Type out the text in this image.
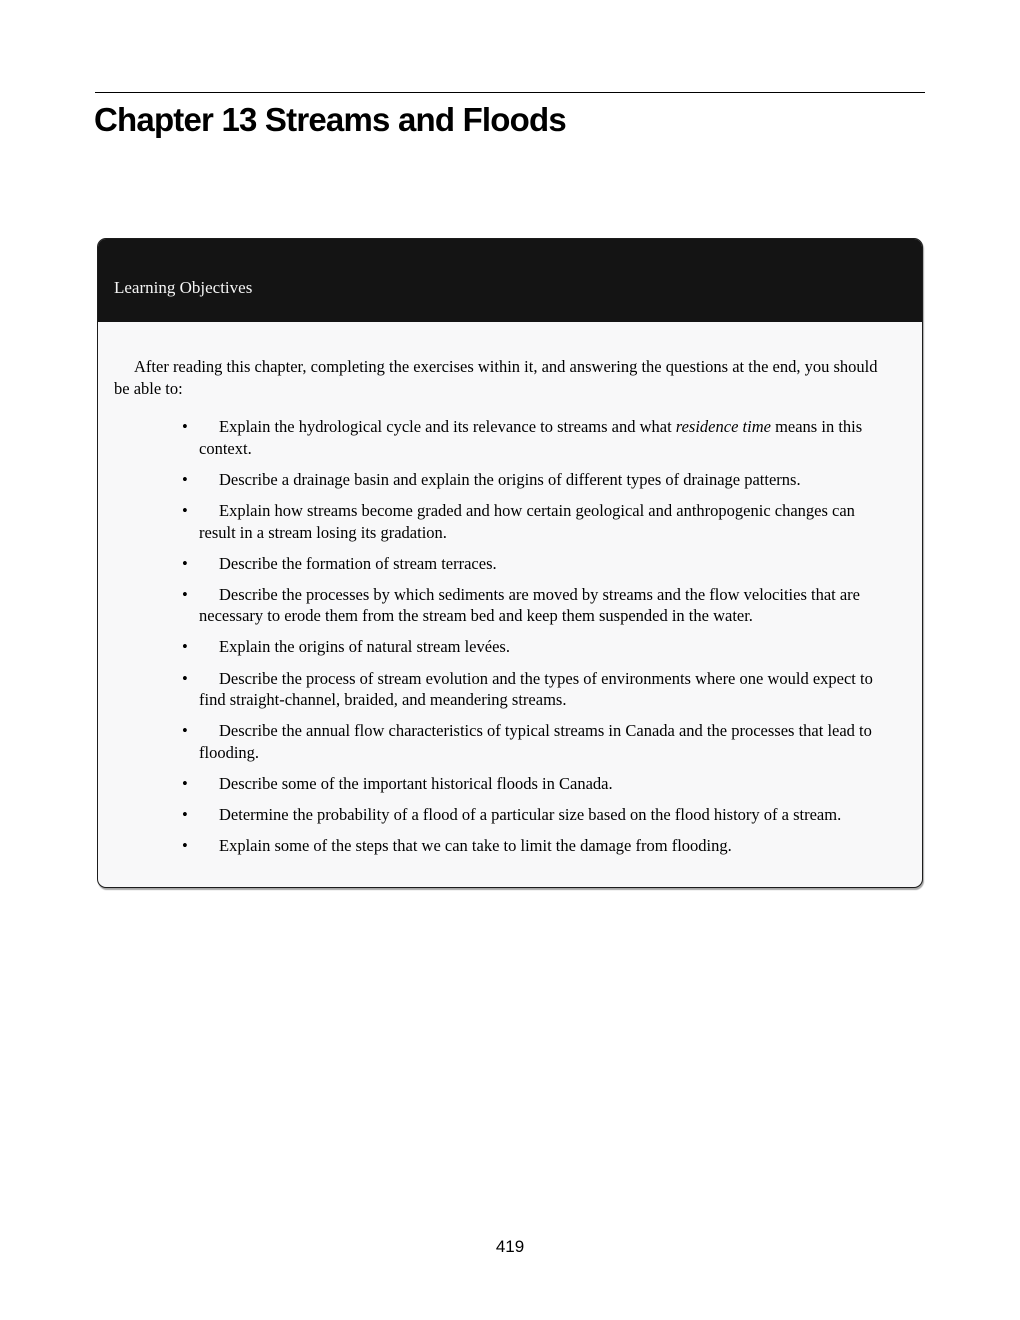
Chapter 13 Streams and Floods
Learning Objectives

After reading this chapter, completing the exercises within it, and answering the questions at the end, you should be able to:

• Explain the hydrological cycle and its relevance to streams and what residence time means in this context.
• Describe a drainage basin and explain the origins of different types of drainage patterns.
• Explain how streams become graded and how certain geological and anthropogenic changes can result in a stream losing its gradation.
• Describe the formation of stream terraces.
• Describe the processes by which sediments are moved by streams and the flow velocities that are necessary to erode them from the stream bed and keep them suspended in the water.
• Explain the origins of natural stream levées.
• Describe the process of stream evolution and the types of environments where one would expect to find straight-channel, braided, and meandering streams.
• Describe the annual flow characteristics of typical streams in Canada and the processes that lead to flooding.
• Describe some of the important historical floods in Canada.
• Determine the probability of a flood of a particular size based on the flood history of a stream.
• Explain some of the steps that we can take to limit the damage from flooding.
419
